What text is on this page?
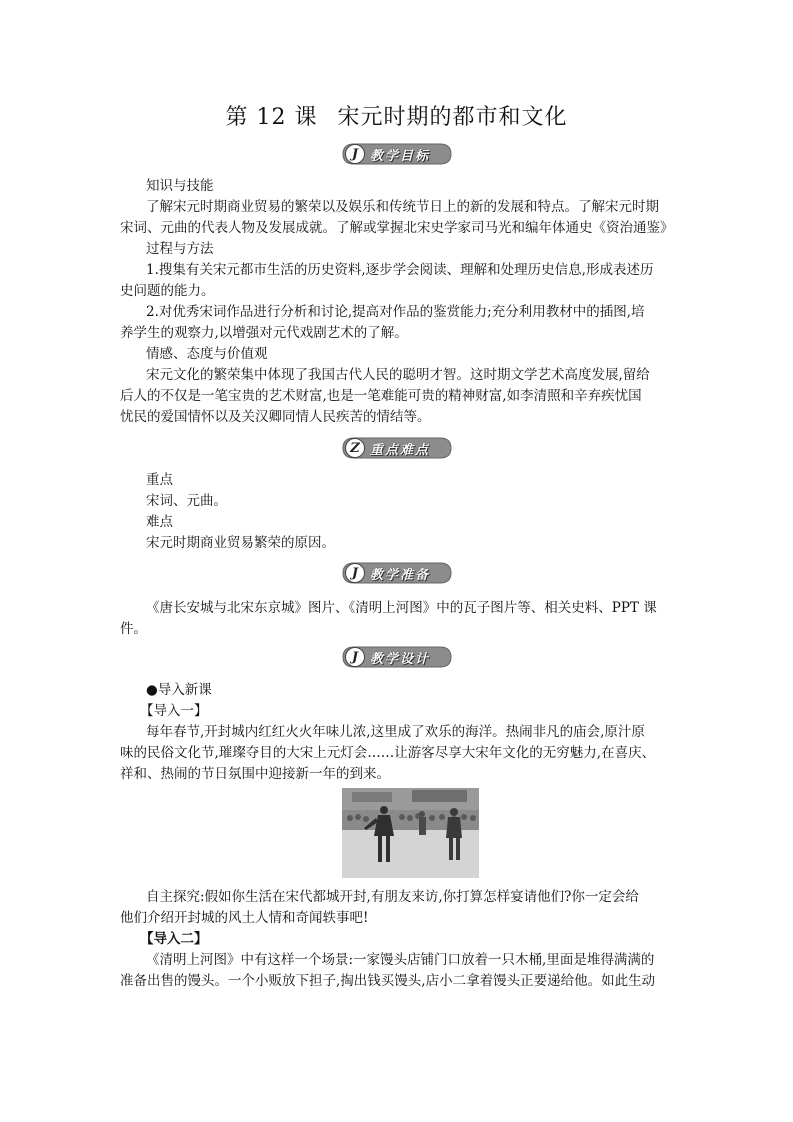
第 12 课 宋元时期的都市和文化
J 教学目标
知识与技能
了解宋元时期商业贸易的繁荣以及娱乐和传统节日上的新的发展和特点。了解宋元时期
宋词、元曲的代表人物及发展成就。了解或掌握北宋史学家司马光和编年体通史《资治通鉴》
过程与方法
1.搜集有关宋元都市生活的历史资料,逐步学会阅读、理解和处理历史信息,形成表述历
史问题的能力。
2.对优秀宋词作品进行分析和讨论,提高对作品的鉴赏能力;充分利用教材中的插图,培
养学生的观察力,以增强对元代戏剧艺术的了解。
情感、态度与价值观
宋元文化的繁荣集中体现了我国古代人民的聪明才智。这时期文学艺术高度发展,留给
后人的不仅是一笔宝贵的艺术财富,也是一笔难能可贵的精神财富,如李清照和辛弃疾忧国
忧民的爱国情怀以及关汉卿同情人民疾苦的情结等。
Z 重点难点
重点
宋词、元曲。
难点
宋元时期商业贸易繁荣的原因。
J 教学准备
《唐长安城与北宋东京城》图片、《清明上河图》中的瓦子图片等、相关史料、PPT 课
件。
J 教学设计
●导入新课
【导入一】
每年春节,开封城内红红火火年味儿浓,这里成了欢乐的海洋。热闹非凡的庙会,原汁原
味的民俗文化节,璀璨夺目的大宋上元灯会……让游客尽享大宋年文化的无穷魅力,在喜庆、
祥和、热闹的节日氛围中迎接新一年的到来。
自主探究:假如你生活在宋代都城开封,有朋友来访,你打算怎样宴请他们?你一定会给
他们介绍开封城的风土人情和奇闻轶事吧!
【导入二】
《清明上河图》中有这样一个场景:一家馒头店铺门口放着一只木桶,里面是堆得满满的
准备出售的馒头。一个小贩放下担子,掏出钱买馒头,店小二拿着馒头正要递给他。如此生动
